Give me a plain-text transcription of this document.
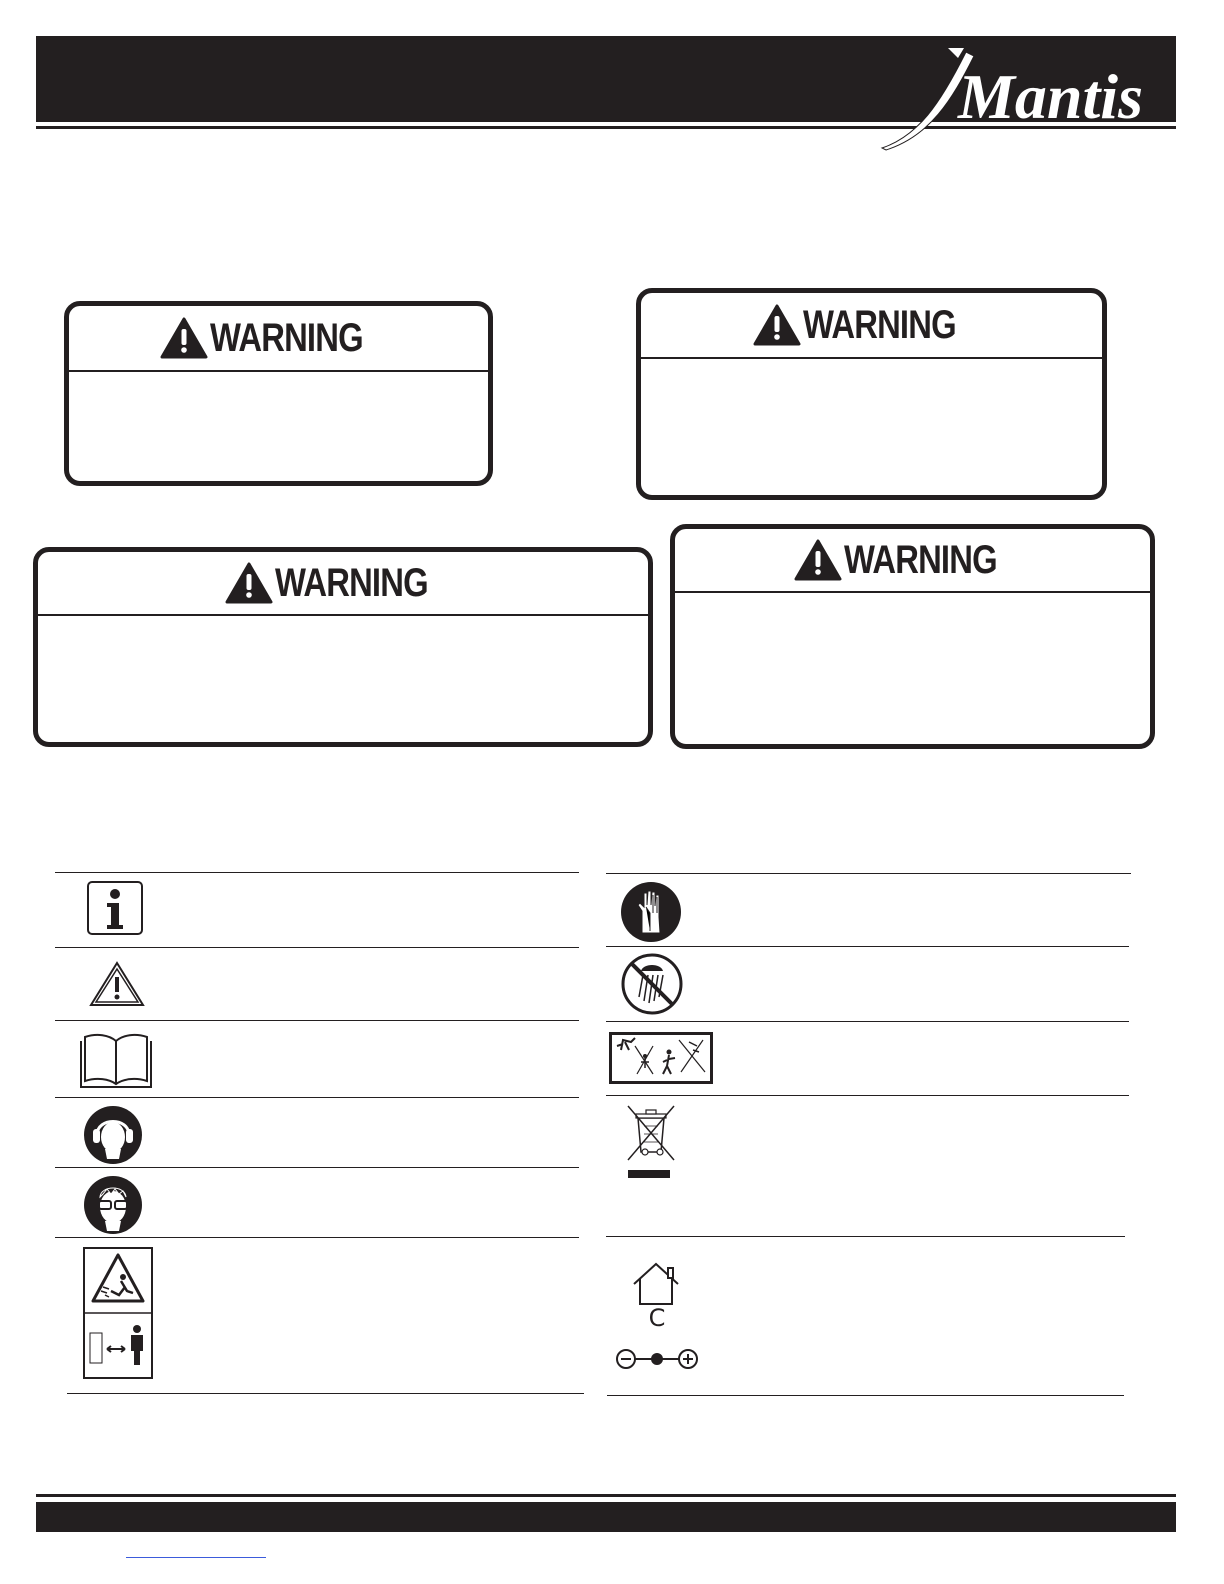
Mantis
WARNING	WARNING
WARNING
WARNING
C
